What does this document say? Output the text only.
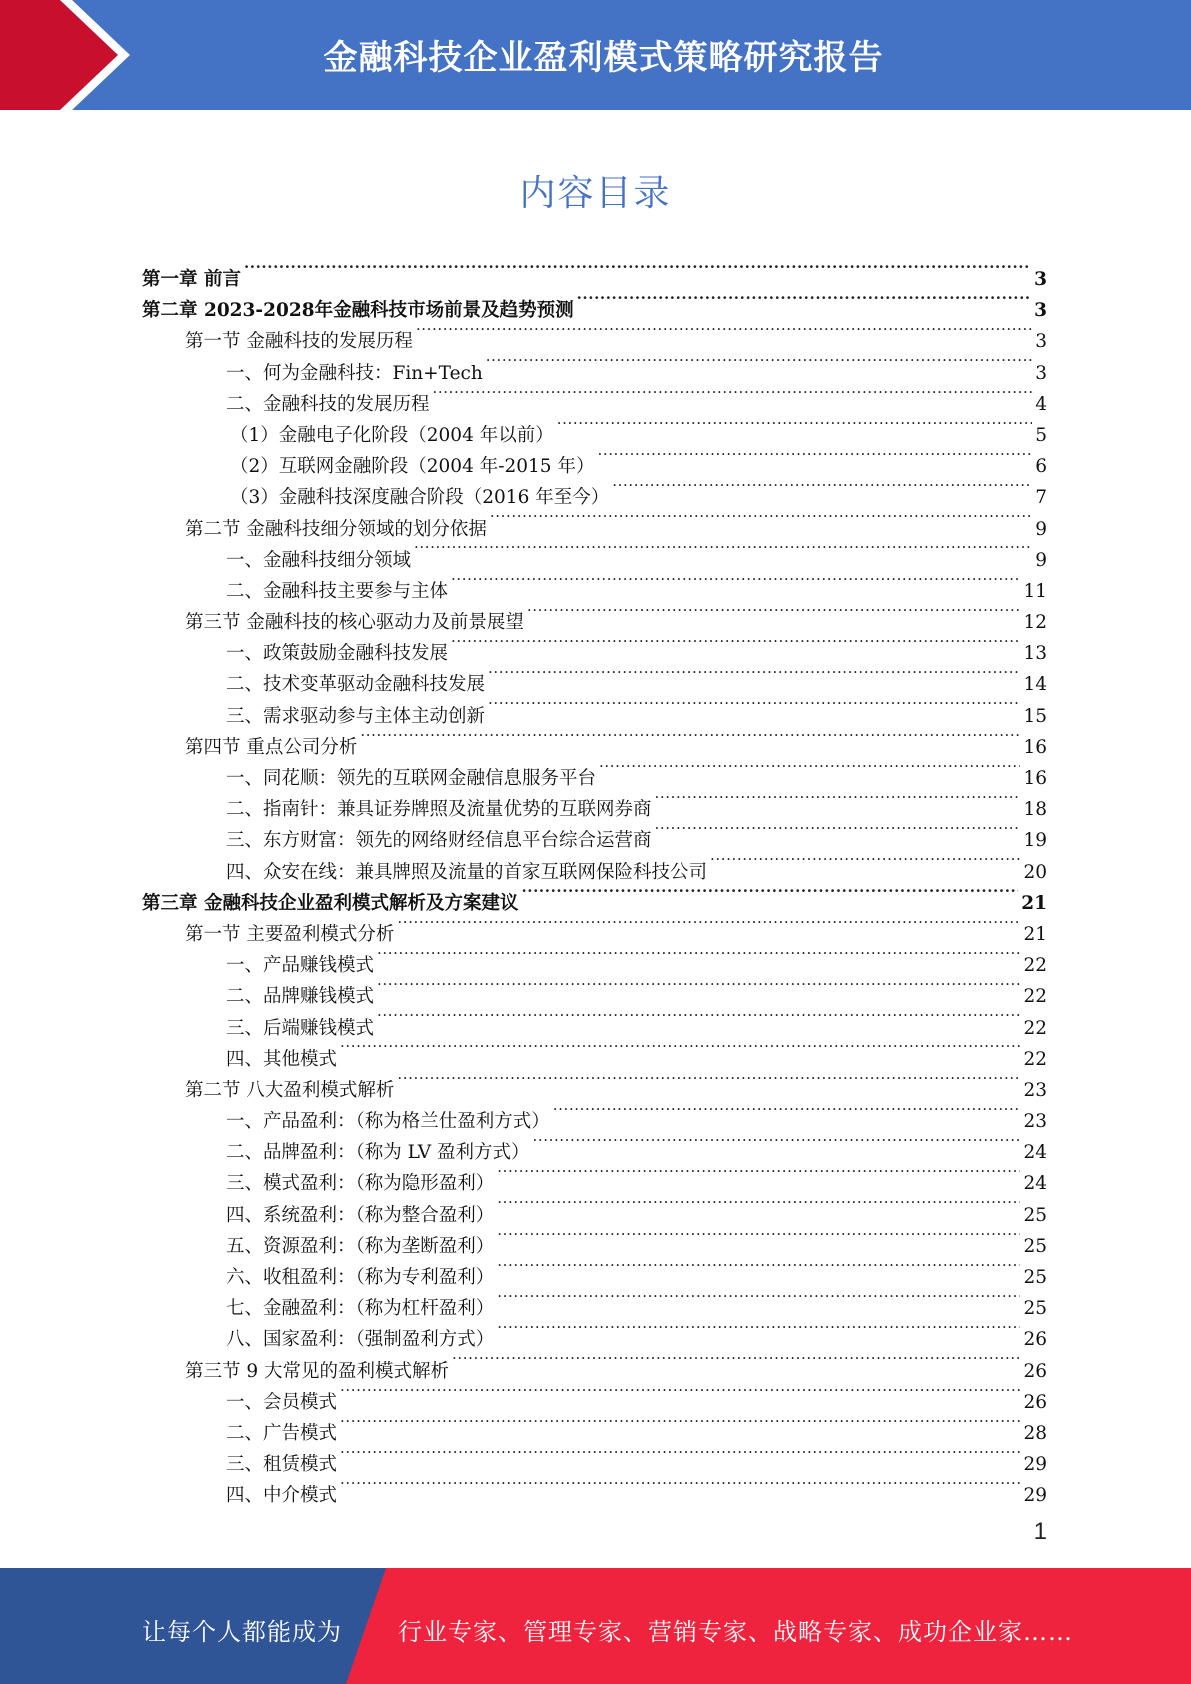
金融科技企业盈利模式策略研究报告
内容目录
第一章 前言 .....	3
第二章 2023-2028年金融科技市场前景及趋势预测 .....	3
第一节 金融科技的发展历程 .....	3
一、何为金融科技：Fin+Tech .....	3
二、金融科技的发展历程 .....	4
（1）金融电子化阶段（2004 年以前） .....	5
（2）互联网金融阶段（2004 年-2015 年） .....	6
（3）金融科技深度融合阶段（2016 年至今） .....	7
第二节 金融科技细分领域的划分依据 .....	9
一、金融科技细分领域 .....	9
二、金融科技主要参与主体 .....	11
第三节 金融科技的核心驱动力及前景展望 .....	12
一、政策鼓励金融科技发展 .....	13
二、技术变革驱动金融科技发展 .....	14
三、需求驱动参与主体主动创新 .....	15
第四节 重点公司分析 .....	16
一、同花顺：领先的互联网金融信息服务平台 .....	16
二、指南针：兼具证券牌照及流量优势的互联网券商 .....	18
三、东方财富：领先的网络财经信息平台综合运营商 .....	19
四、众安在线：兼具牌照及流量的首家互联网保险科技公司 .....	20
第三章 金融科技企业盈利模式解析及方案建议 .....	21
第一节 主要盈利模式分析 .....	21
一、产品赚钱模式 .....	22
二、品牌赚钱模式 .....	22
三、后端赚钱模式 .....	22
四、其他模式 .....	22
第二节 八大盈利模式解析 .....	23
一、产品盈利：（称为格兰仕盈利方式） .....	23
二、品牌盈利：（称为 LV 盈利方式） .....	24
三、模式盈利：（称为隐形盈利） .....	24
四、系统盈利：（称为整合盈利） .....	25
五、资源盈利：（称为垄断盈利） .....	25
六、收租盈利：（称为专利盈利） .....	25
七、金融盈利：（称为杠杆盈利） .....	25
八、国家盈利：（强制盈利方式） .....	26
第三节 9 大常见的盈利模式解析 .....	26
一、会员模式 .....	26
二、广告模式 .....	28
三、租赁模式 .....	29
四、中介模式 .....	29
1
让每个人都能成为 行业专家、管理专家、营销专家、战略专家、成功企业家……
